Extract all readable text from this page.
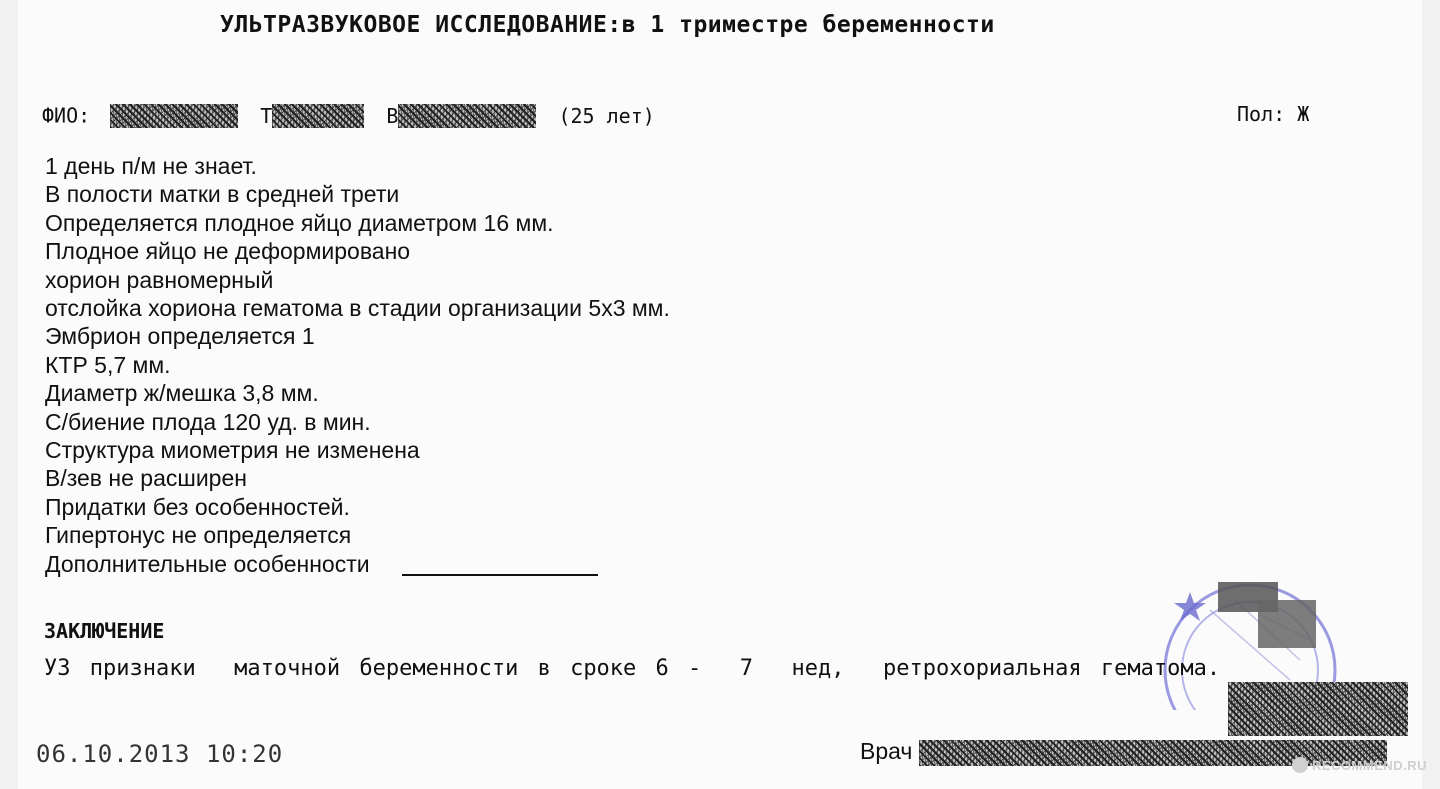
УЛЬТРАЗВУКОВОЕ ИССЛЕДОВАНИЕ:в 1 триместре беременности
ФИО:	Т	В	(25 лет)	Пол: Ж
1 день п/м не знает.
В полости матки в средней трети
Определяется плодное яйцо диаметром 16 мм.
Плодное яйцо не деформировано
хорион равномерный
отслойка хориона гематома в стадии организации 5х3 мм.
Эмбрион определяется 1
КТР 5,7 мм.
Диаметр ж/мешка 3,8 мм.
С/биение плода 120 уд. в мин.
Структура миометрия не изменена
В/зев не расширен
Придатки без особенностей.
Гипертонус не определяется
Дополнительные особенности
ЗАКЛЮЧЕНИЕ

УЗ признаки  маточной беременности в сроке 6 -  7  нед,  ретрохориальная гематома.

06.10.2013 10:20	Врач
RECOMMEND.RU
